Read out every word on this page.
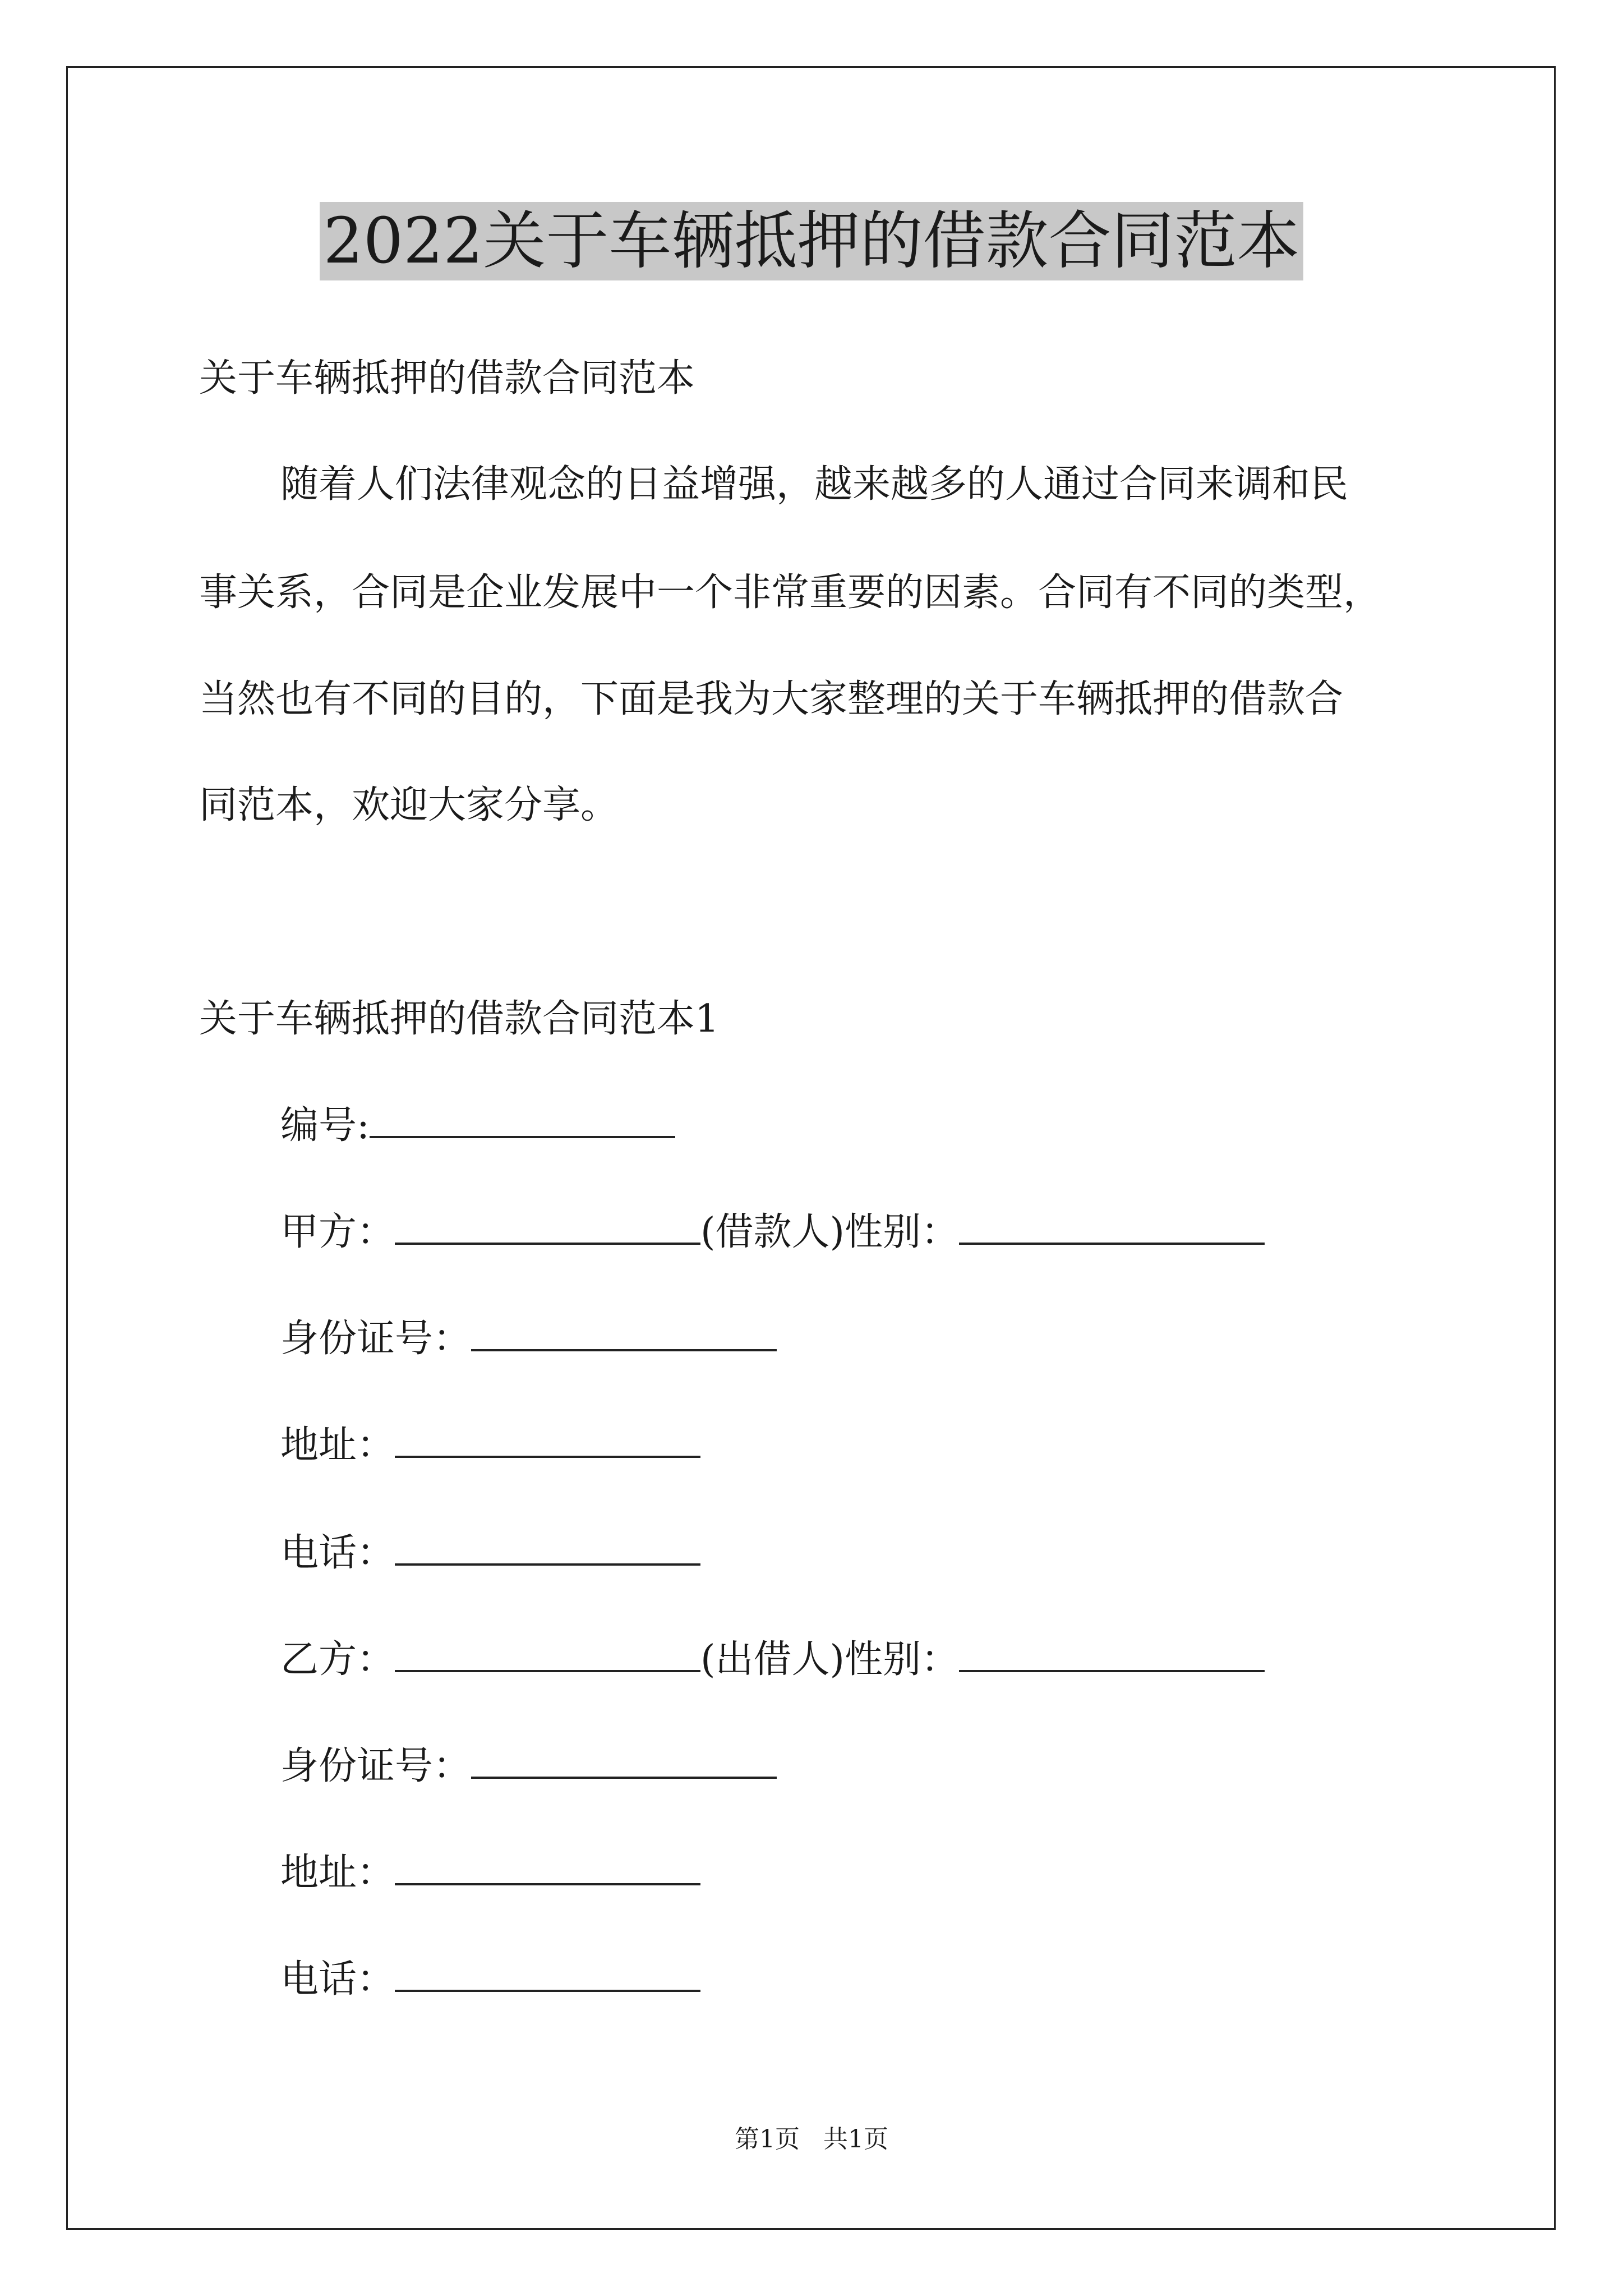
2022关于车辆抵押的借款合同范本
关于车辆抵押的借款合同范本
随着人们法律观念的日益增强，越来越多的人通过合同来调和民
事关系，合同是企业发展中一个非常重要的因素。合同有不同的类型，
当然也有不同的目的，下面是我为大家整理的关于车辆抵押的借款合
同范本，欢迎大家分享。
关于车辆抵押的借款合同范本1
编号:
甲方：	(借款人)性别：
身份证号：
地址：
电话：
乙方：	(出借人)性别：
身份证号：
地址：
电话：
第1页   共1页
